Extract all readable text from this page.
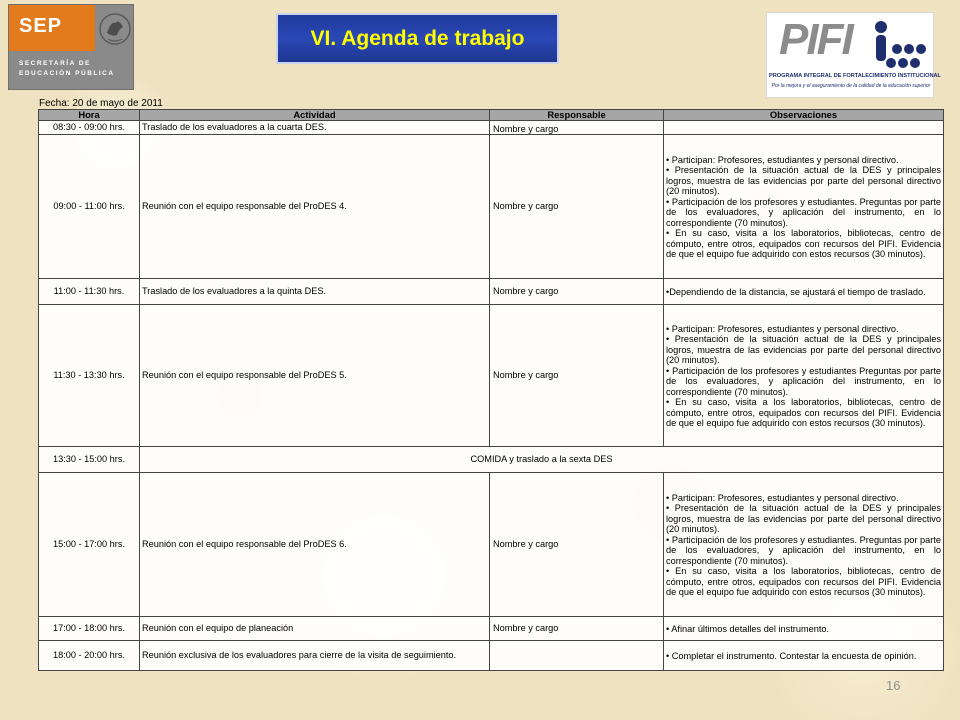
SEP
SECRETARÍA DE
EDUCACIÓN PÚBLICA
VI. Agenda de trabajo	PIFI
PROGRAMA INTEGRAL DE FORTALECIMIENTO INSTITUCIONAL
Por la mejora y el aseguramiento de la calidad de la educación superior
Fecha: 20 de mayo de 2011
Hora	Actividad	Responsable	Observaciones
08:30 - 09:00 hrs.	Traslado de los evaluadores a la cuarta DES.	Nombre y cargo	
09:00 - 11:00 hrs.	Reunión con el equipo responsable del ProDES 4.	Nombre y cargo	• Participan: Profesores, estudiantes y personal directivo.

• Presentación de la situación actual de la DES y principales logros, muestra de las evidencias por parte del personal directivo (20 minutos).

• Participación de los profesores y estudiantes. Preguntas por parte de los evaluadores, y aplicación del instrumento, en lo correspondiente (70 minutos).

• En su caso, visita a los laboratorios, bibliotecas, centro de cómputo, entre otros, equipados con recursos del PIFI. Evidencia de que el equipo fue adquirido con estos recursos (30 minutos).

11:00 - 11:30 hrs.	Traslado de los evaluadores a la quinta DES.	Nombre y cargo	•Dependiendo de la distancia, se ajustará el tiempo de traslado.

11:30 - 13:30 hrs.	Reunión con el equipo responsable del ProDES 5.	Nombre y cargo	• Participan: Profesores, estudiantes y personal directivo.

• Presentación de la situación actual de la DES y principales logros, muestra de las evidencias por parte del personal directivo (20 minutos).

• Participación de los profesores y estudiantes Preguntas por parte de los evaluadores, y aplicación del instrumento, en lo correspondiente (70 minutos).

• En su caso, visita a los laboratorios, bibliotecas, centro de cómputo, entre otros, equipados con recursos del PIFI. Evidencia de que el equipo fue adquirido con estos recursos (30 minutos).

13:30 - 15:00 hrs.	COMIDA y traslado a la sexta DES		
15:00 - 17:00 hrs.	Reunión con el equipo responsable del ProDES 6.	Nombre y cargo	• Participan: Profesores, estudiantes y personal directivo.

• Presentación de la situación actual de la DES y principales logros, muestra de las evidencias por parte del personal directivo (20 minutos).

• Participación de los profesores y estudiantes. Preguntas por parte de los evaluadores, y aplicación del instrumento, en lo correspondiente (70 minutos).

• En su caso, visita a los laboratorios, bibliotecas, centro de cómputo, entre otros, equipados con recursos del PIFI. Evidencia de que el equipo fue adquirido con estos recursos (30 minutos).

17:00 - 18:00 hrs.	Reunión con el equipo de planeación	Nombre y cargo	• Afinar últimos detalles del instrumento.

18:00 - 20:00 hrs.	Reunión exclusiva de los evaluadores para cierre de la visita de seguimiento.		• Completar el instrumento. Contestar la encuesta de opinión.

16
